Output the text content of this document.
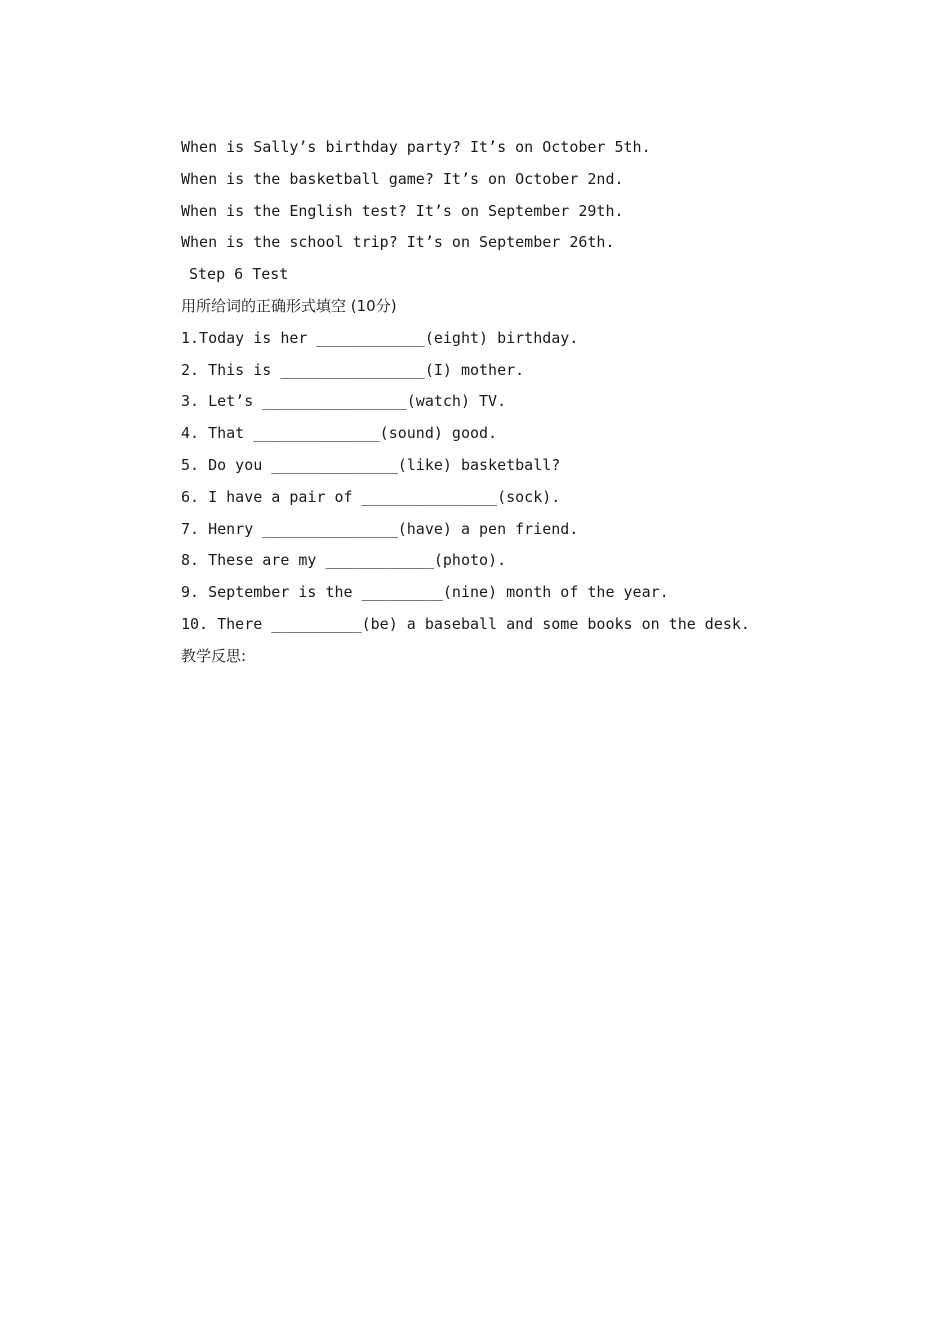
When is Sally’s birthday party? It’s on October 5th.
When is the basketball game? It’s on October 2nd.
When is the English test? It’s on September 29th.
When is the school trip? It’s on September 26th.
Step 6 Test
用所给词的正确形式填空 (10分)
1.Today is her ____________(eight) birthday.
2. This is ________________(I) mother.
3. Let’s ________________(watch) TV.
4. That ______________(sound) good.
5. Do you ______________(like) basketball?
6. I have a pair of _______________(sock).
7. Henry _______________(have) a pen friend.
8. These are my ____________(photo).
9. September is the _________(nine) month of the year.
10. There __________(be) a baseball and some books on the desk.
教学反思:
